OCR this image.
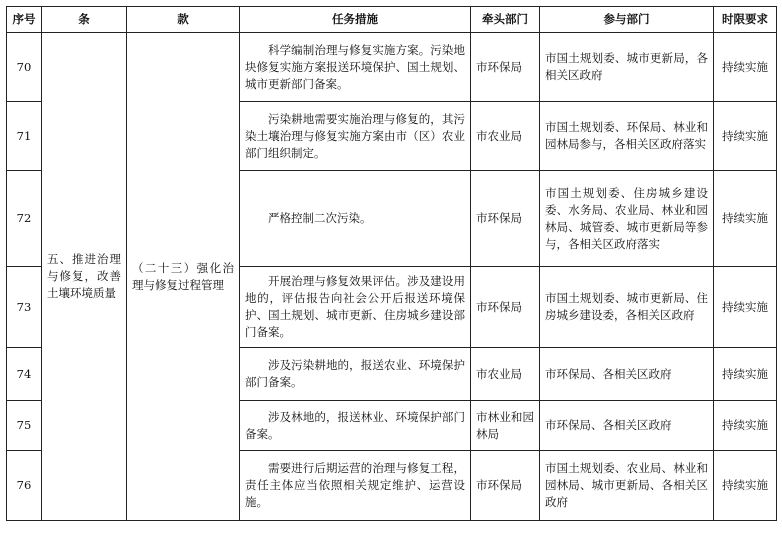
序号	条	款	任务措施	牵头部门	参与部门	时限要求
70	五、推进治理与修复，改善土壤环境质量	（二十三）强化治理与修复过程管理	科学编制治理与修复实施方案。污染地块修复实施方案报送环境保护、国土规划、城市更新部门备案。	市环保局	市国土规划委、城市更新局，各相关区政府	持续实施
71			污染耕地需要实施治理与修复的，其污染土壤治理与修复实施方案由市（区）农业部门组织制定。	市农业局	市国土规划委、环保局、林业和园林局参与，各相关区政府落实	持续实施
72			严格控制二次污染。	市环保局	市国土规划委、住房城乡建设委、水务局、农业局、林业和园林局、城管委、城市更新局等参与，各相关区政府落实	持续实施
73			开展治理与修复效果评估。涉及建设用地的，评估报告向社会公开后报送环境保护、国土规划、城市更新、住房城乡建设部门备案。	市环保局	市国土规划委、城市更新局、住房城乡建设委，各相关区政府	持续实施
74			涉及污染耕地的，报送农业、环境保护部门备案。	市农业局	市环保局、各相关区政府	持续实施
75			涉及林地的，报送林业、环境保护部门备案。	市林业和园林局	市环保局、各相关区政府	持续实施
76			需要进行后期运营的治理与修复工程，责任主体应当依照相关规定维护、运营设施。	市环保局	市国土规划委、农业局、林业和园林局、城市更新局、各相关区政府	持续实施
